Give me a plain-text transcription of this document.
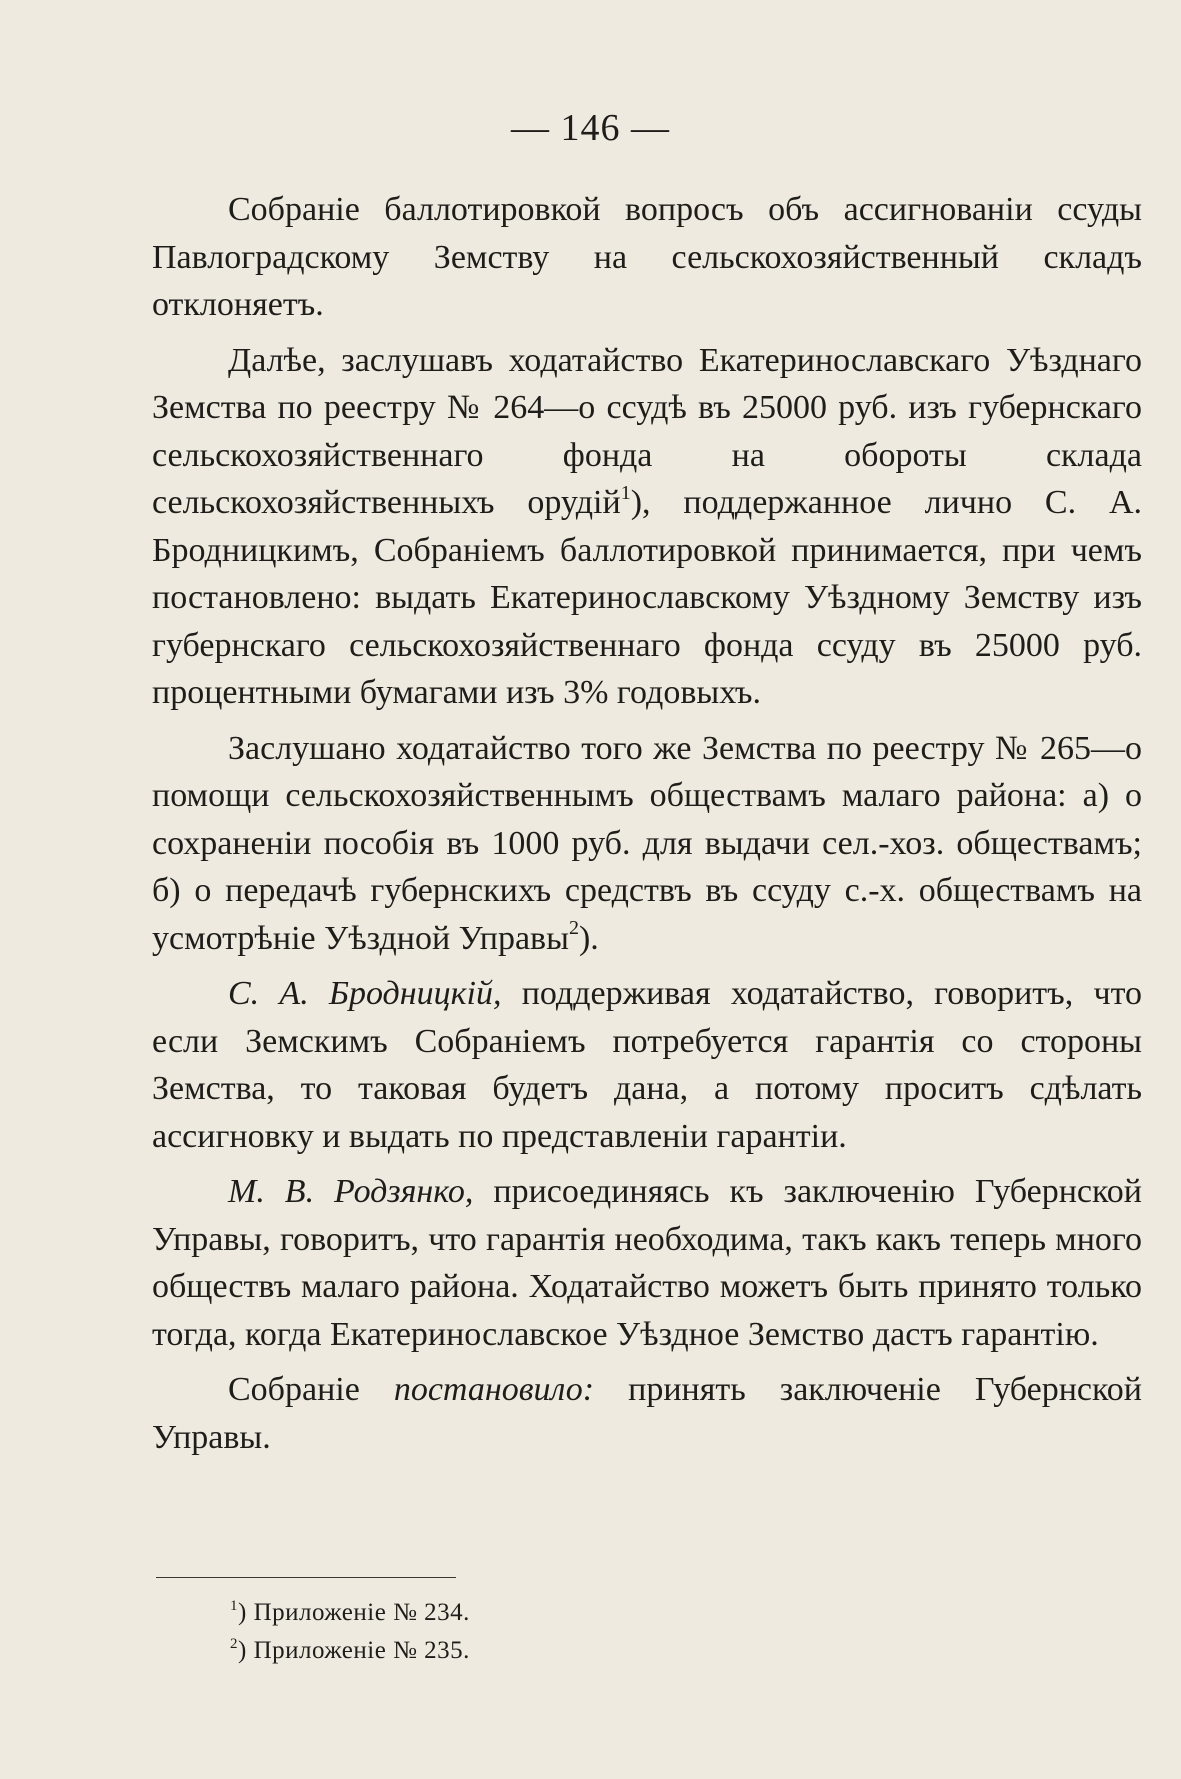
— 146 —

Собраніе баллотировкой вопросъ объ ассигнованіи ссуды Павлоградскому Земству на сельскохозяйственный складъ отклоняетъ.

Далѣе, заслушавъ ходатайство Екатеринославскаго Уѣзднаго Земства по реестру № 264—о ссудѣ въ 25000 руб. изъ губернскаго сельскохозяйственнаго фонда на обороты склада сельскохозяйственныхъ орудій$^1$), поддержанное лично С. А. Бродницкимъ, Собраніемъ баллотировкой принимается, при чемъ постановлено: выдать Екатеринославскому Уѣздному Земству изъ губернскаго сельскохозяйственнаго фонда ссуду въ 25000 руб. процентными бумагами изъ 3% годовыхъ.

Заслушано ходатайство того же Земства по реестру № 265—о помощи сельскохозяйственнымъ обществамъ малаго района: а) о сохраненіи пособія въ 1000 руб. для выдачи сел.-хоз. обществамъ; б) о передачѣ губернскихъ средствъ въ ссуду с.-х. обществамъ на усмотрѣніе Уѣздной Управы$^2$).

С. А. Бродницкій, поддерживая ходатайство, говоритъ, что если Земскимъ Собраніемъ потребуется гарантія со стороны Земства, то таковая будетъ дана, а потому проситъ сдѣлать ассигновку и выдать по представленіи гарантіи.

М. В. Родзянко, присоединяясь къ заключенію Губернской Управы, говоритъ, что гарантія необходима, такъ какъ теперь много обществъ малаго района. Ходатайство можетъ быть принято только тогда, когда Екатеринославское Уѣздное Земство дастъ гарантію.

Собраніе постановило: принять заключеніе Губернской Управы.

$^1$) Приложеніе № 234.
$^2$) Приложеніе № 235.
